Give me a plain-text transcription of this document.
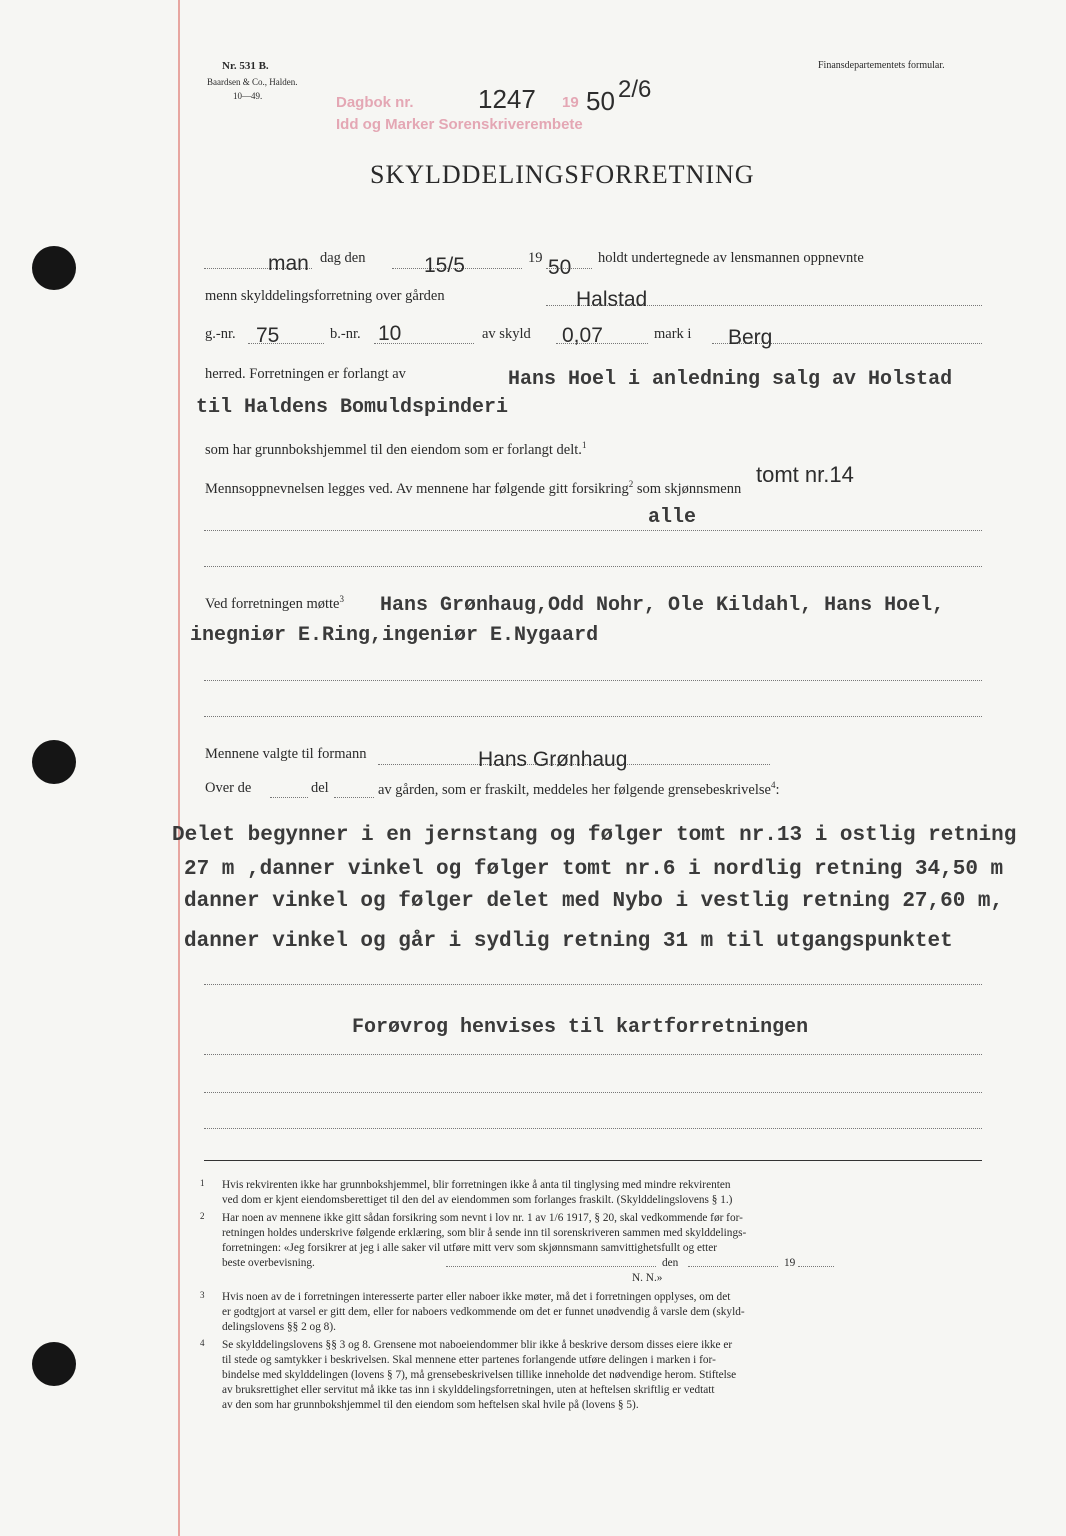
Nr. 531 B.
Baardsen & Co., Halden.
10—49.
Finansdepartementets formular.
Dagbok nr.	19
Idd og Marker Sorenskriverembete
1247 50 2/6
SKYLDDELINGSFORRETNING
man dag den	15/5	19 50 holdt undertegnede av lensmannen oppnevnte
menn skylddelingsforretning over gården	Halstad
g.-nr. 75	b.-nr. 10	av skyld 0,07	mark i Berg
herred. Forretningen er forlangt av	Hans Hoel i anledning salg av Holstad
til Haldens Bomuldspinderi
som har grunnbokshjemmel til den eiendom som er forlangt delt.$^1$
tomt nr.14
Mennsoppnevnelsen legges ved. Av mennene har følgende gitt forsikring$^2$ som skjønnsmenn
alle
Ved forretningen møtte$^3$ Hans Grønhaug,Odd Nohr, Ole Kildahl, Hans Hoel,
inegniør E.Ring,ingeniør E.Nygaard
Mennene valgte til formann	Hans Grønhaug
Over de	del	av gården, som er fraskilt, meddeles her følgende grensebeskrivelse$^4$:
Delet begynner i en jernstang og følger tomt nr.13 i ostlig retning
27 m ,danner vinkel og følger tomt nr.6 i nordlig retning 34,50 m
danner vinkel og følger delet med Nybo i vestlig retning 27,60 m,
danner vinkel og går i sydlig retning 31 m til utgangspunktet
Forøvrog henvises til kartforretningen
1 Hvis rekvirenten ikke har grunnbokshjemmel, blir forretningen ikke å anta til tinglysing med mindre rekvirenten
ved dom er kjent eiendomsberettiget til den del av eiendommen som forlanges fraskilt. (Skylddelingslovens § 1.)
2 Har noen av mennene ikke gitt sådan forsikring som nevnt i lov nr. 1 av 1/6 1917, § 20, skal vedkommende før for-
retningen holdes underskrive følgende erklæring, som blir å sende inn til sorenskriveren sammen med skylddelings-
forretningen: «Jeg forsikrer at jeg i alle saker vil utføre mitt verv som skjønnsmann samvittighetsfullt og etter
beste overbevisning.	den	19
N. N.»
3 Hvis noen av de i forretningen interesserte parter eller naboer ikke møter, må det i forretningen opplyses, om det
er godtgjort at varsel er gitt dem, eller for naboers vedkommende om det er funnet unødvendig å varsle dem (skyld-
delingslovens §§ 2 og 8).
4 Se skylddelingslovens §§ 3 og 8. Grensene mot naboeiendommer blir ikke å beskrive dersom disses eiere ikke er
til stede og samtykker i beskrivelsen. Skal mennene etter partenes forlangende utføre delingen i marken i for-
bindelse med skylddelingen (lovens § 7), må grensebeskrivelsen tillike inneholde det nødvendige herom. Stiftelse
av bruksrettighet eller servitut må ikke tas inn i skylddelingsforretningen, uten at heftelsen skriftlig er vedtatt
av den som har grunnbokshjemmel til den eiendom som heftelsen skal hvile på (lovens § 5).
